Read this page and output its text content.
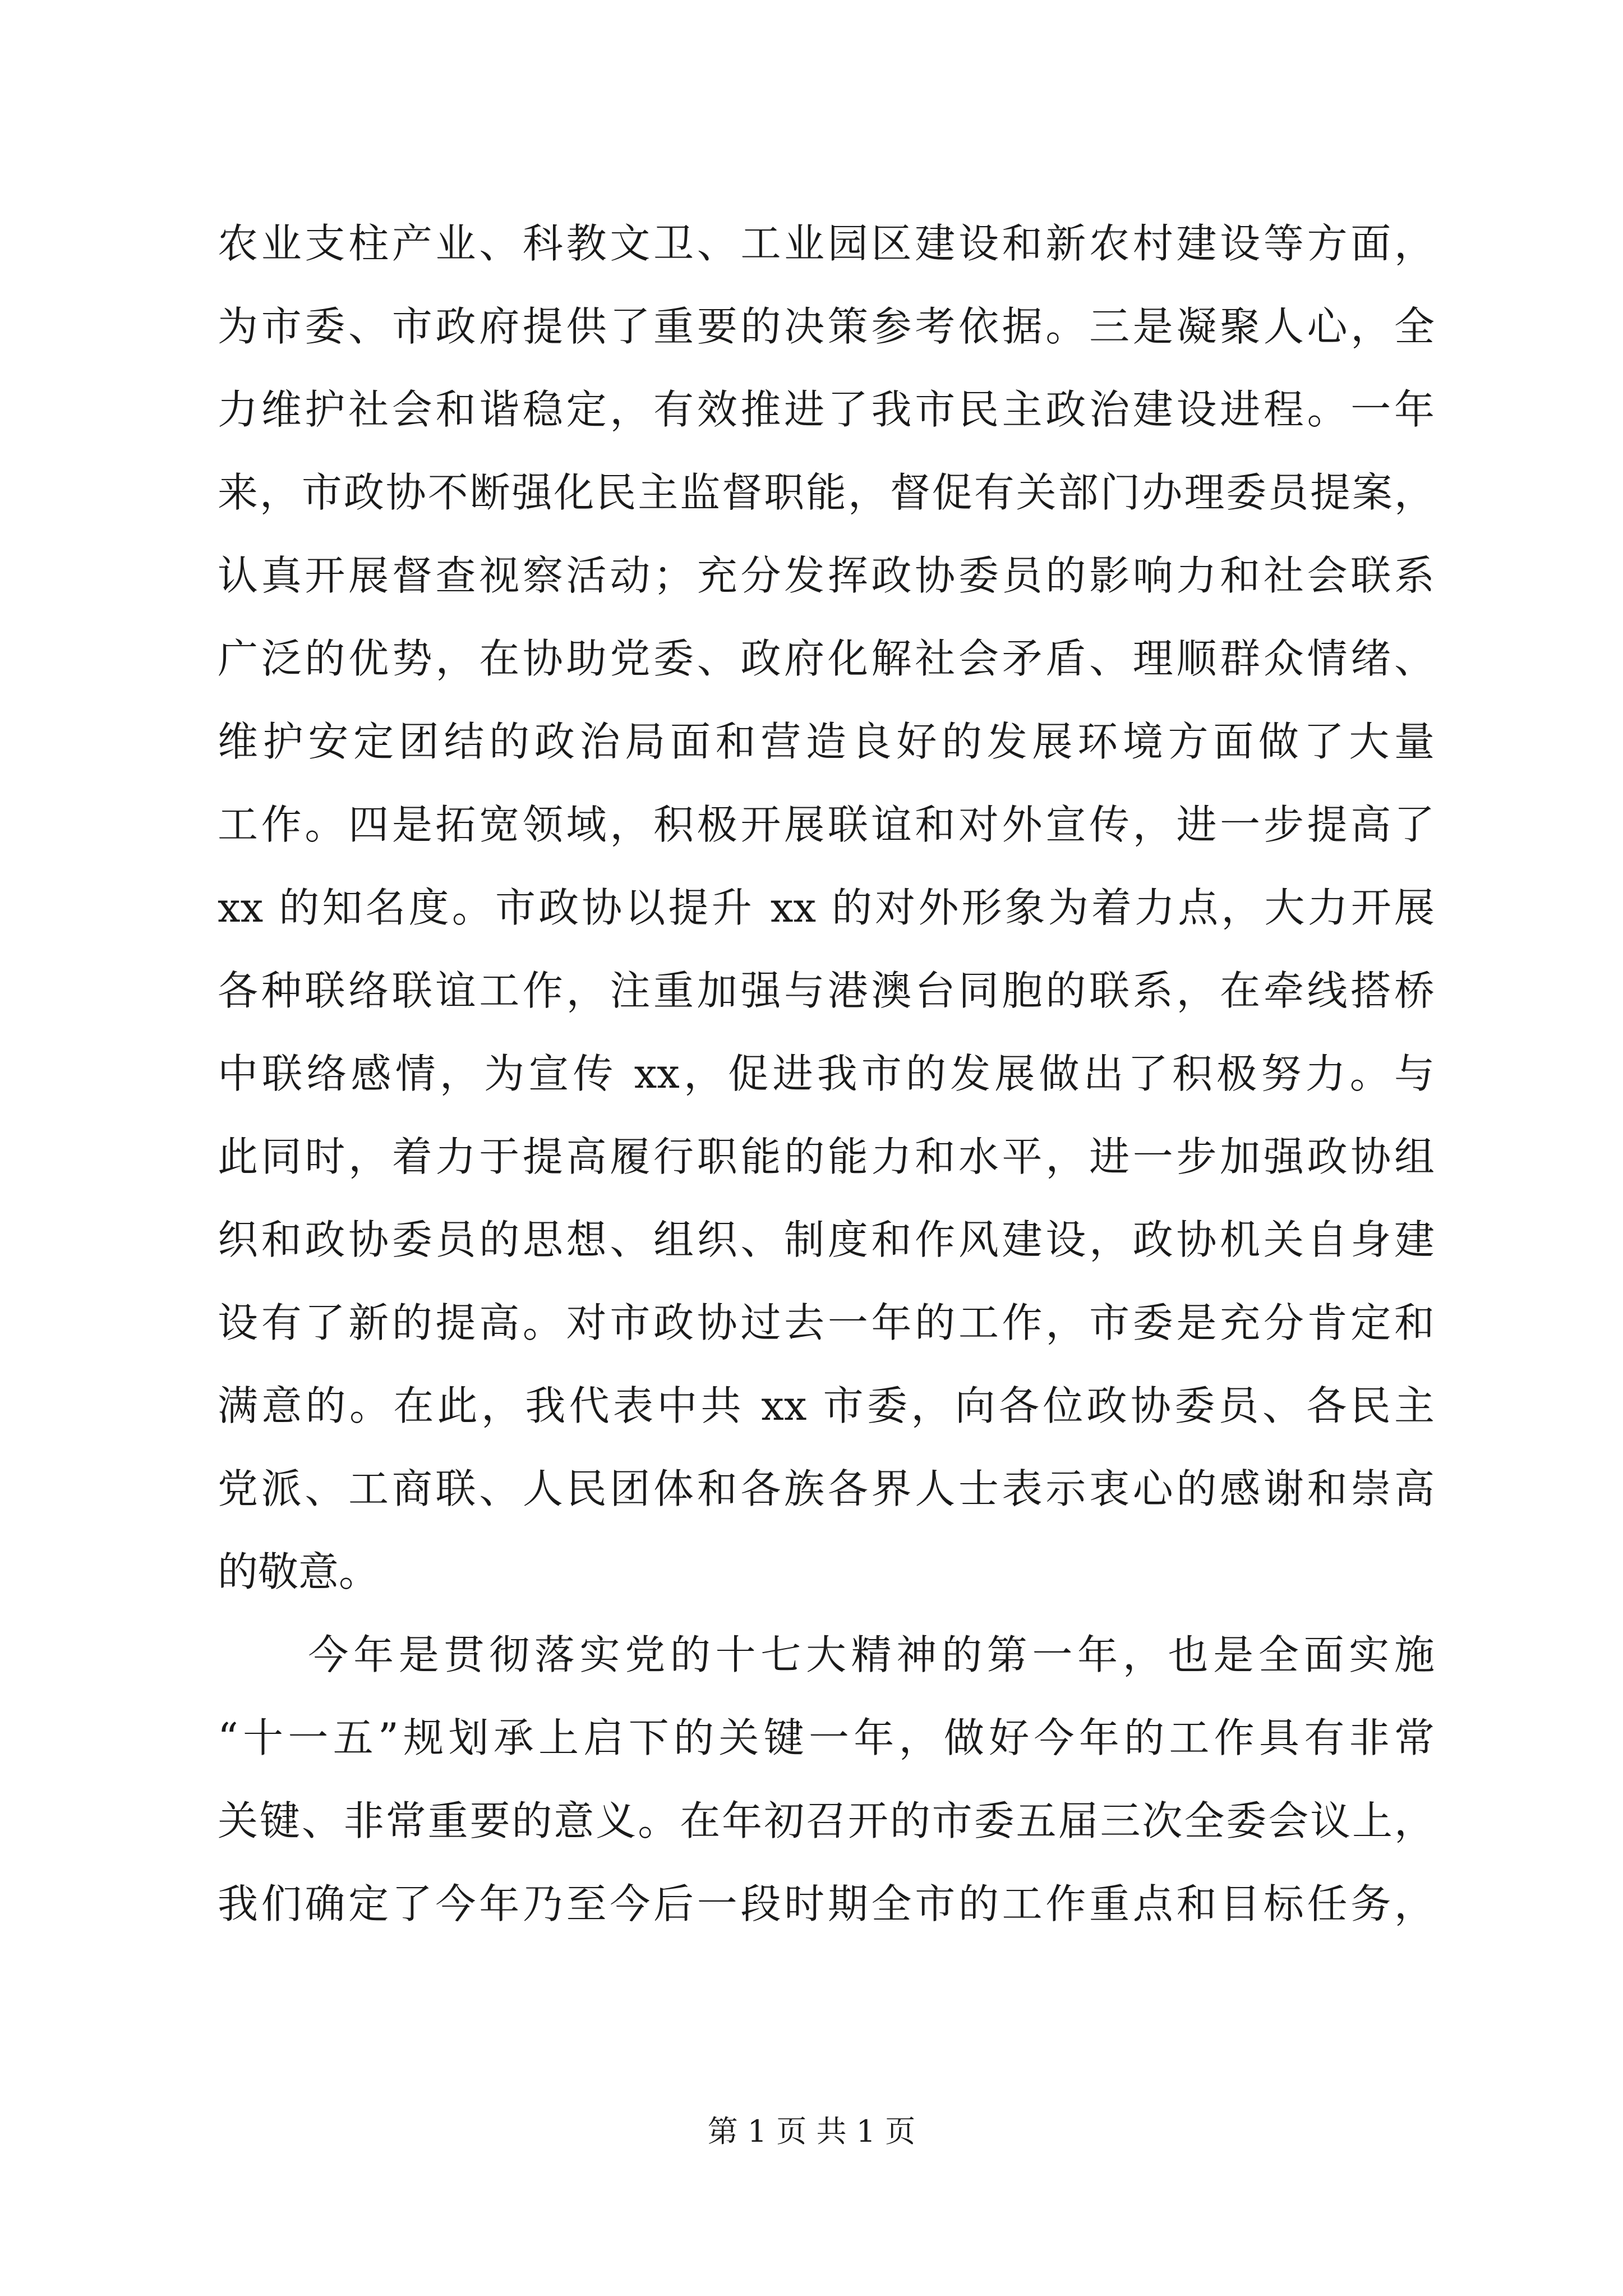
农业支柱产业、科教文卫、工业园区建设和新农村建设等方面，
为市委、市政府提供了重要的决策参考依据。三是凝聚人心，全
力维护社会和谐稳定，有效推进了我市民主政治建设进程。一年
来，市政协不断强化民主监督职能，督促有关部门办理委员提案，
认真开展督查视察活动；充分发挥政协委员的影响力和社会联系
广泛的优势，在协助党委、政府化解社会矛盾、理顺群众情绪、
维护安定团结的政治局面和营造良好的发展环境方面做了大量
工作。四是拓宽领域，积极开展联谊和对外宣传，进一步提高了
xx 的知名度。市政协以提升 xx 的对外形象为着力点，大力开展
各种联络联谊工作，注重加强与港澳台同胞的联系，在牵线搭桥
中联络感情，为宣传 xx，促进我市的发展做出了积极努力。与
此同时，着力于提高履行职能的能力和水平，进一步加强政协组
织和政协委员的思想、组织、制度和作风建设，政协机关自身建
设有了新的提高。对市政协过去一年的工作，市委是充分肯定和
满意的。在此，我代表中共 xx 市委，向各位政协委员、各民主
党派、工商联、人民团体和各族各界人士表示衷心的感谢和崇高
的敬意。
　　今年是贯彻落实党的十七大精神的第一年，也是全面实施
“十一五”规划承上启下的关键一年，做好今年的工作具有非常
关键、非常重要的意义。在年初召开的市委五届三次全委会议上，
我们确定了今年乃至今后一段时期全市的工作重点和目标任务，
第 1 页 共 1 页
